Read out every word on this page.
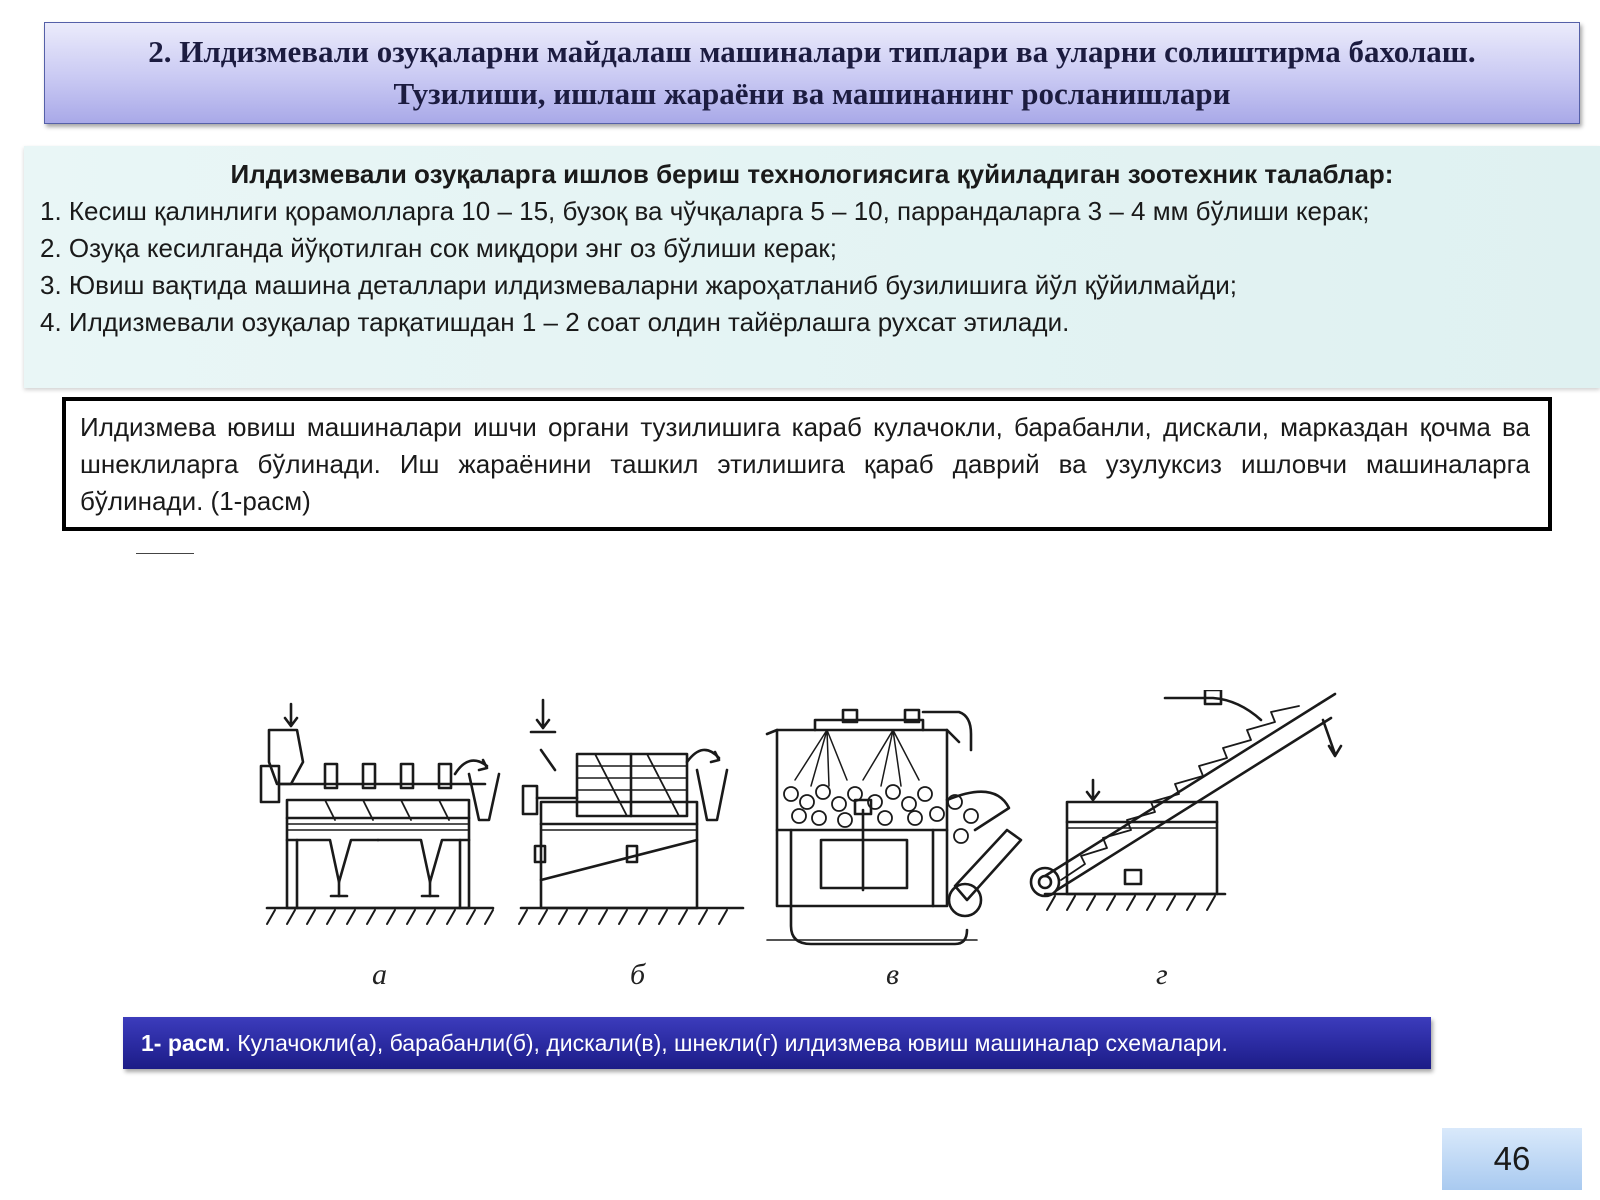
2. Илдизмевали озуқаларни майдалаш машиналари типлари ва уларни солиштирма бахолаш. Тузилиши, ишлаш жараёни ва машинанинг росланишлари
Илдизмевали озуқаларга ишлов бериш технологиясига қуйиладиган зоотехник талаблар:

1. Кесиш қалинлиги қорамолларга 10 – 15, бузоқ ва чўчқаларга 5 – 10, паррандаларга 3 – 4 мм бўлиши керак;

2. Озуқа кесилганда йўқотилган сок миқдори энг оз бўлиши керак;

3. Ювиш вақтида машина деталлари илдизмеваларни жароҳатланиб бузилишига йўл қўйилмайди;

4. Илдизмевали озуқалар тарқатишдан 1 – 2 соат олдин тайёрлашга рухсат этилади.

Илдизмева ювиш машиналари ишчи органи тузилишига караб кулачокли, барабанли, дискали, марказдан қочма ва шнеклиларга бўлинади. Иш жараёнини ташкил этилишига қараб даврий ва узулуксиз ишловчи машиналарга бўлинади. (1-расм)
а	б	в	г
1- расм. Кулачокли(а), барабанли(б), дискали(в), шнекли(г) илдизмева ювиш машиналар схемалари.
46
